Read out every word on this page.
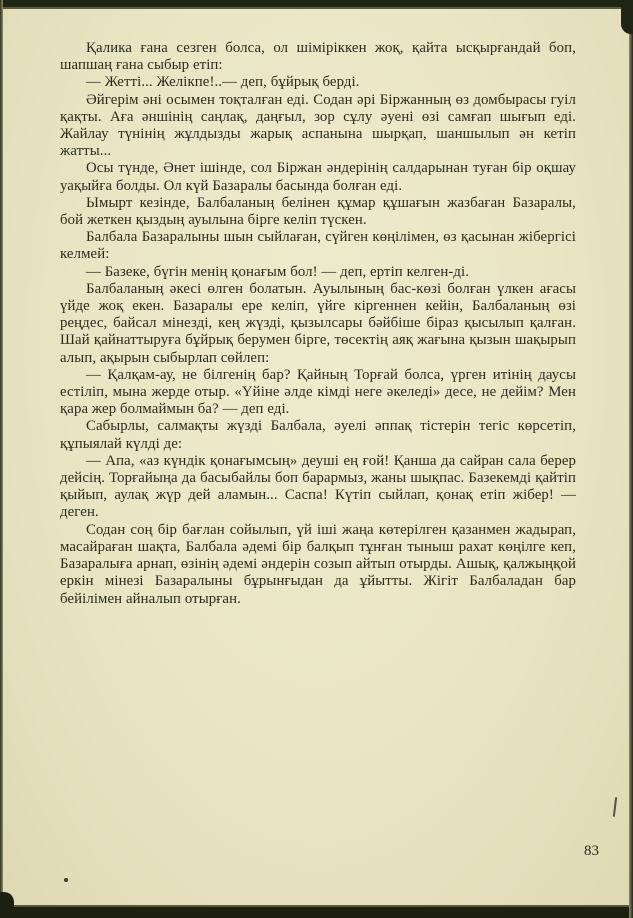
Қалика ғана сезген болса, ол шіміріккен жоқ, қайта ысқырғандай боп, шапшаң ғана сыбыр етіп:

— Жетті... Желікпе!..— деп, бұйрық берді.

Әйгерім әні осымен тоқталған еді. Содан әрі Біржанның өз домбырасы гуіл қақты. Аға әншінің саңлақ, даңғыл, зор сұлу әуені өзі самғап шығып еді. Жайлау түнінің жұлдызды жарық аспанына шырқап, шаншылып ән кетіп жатты...

Осы түнде, Әнет ішінде, сол Біржан әндерінің салдарынан туған бір оқшау уақыйға болды. Ол күй Базаралы басында болған еді.

Ымырт кезінде, Балбаланың белінен құмар құшағын жазбаған Базаралы, бой жеткен қыздың ауылына бірге келіп түскен.

Балбала Базаралыны шын сыйлаған, сүйген көңілімен, өз қасынан жібергісі келмей:

— Базеке, бүгін менің қонағым бол! — деп, ертіп келген-ді.

Балбаланың әкесі өлген болатын. Ауылының бас-көзі болған үлкен ағасы үйде жоқ екен. Базаралы ере келіп, үйге кіргеннен кейін, Балбаланың өзі реңдес, байсал мінезді, кең жүзді, қызылсары бәйбіше біраз қысылып қалған. Шай қайнаттыруға бұйрық берумен бірге, төсектің аяқ жағына қызын шақырып алып, ақырын сыбырлап сөйлеп:

— Қалқам-ау, не білгенің бар? Қайның Торғай болса, үрген итінің даусы естіліп, мына жерде отыр. «Үйіне әлде кімді неге әкеледі» десе, не дейім? Мен қара жер болмаймын ба? — деп еді.

Сабырлы, салмақты жүзді Балбала, әуелі әппақ тістерін тегіс көрсетіп, құпыялай күлді де:

— Апа, «аз күндік қонағымсың» деуші ең ғой! Қанша да сайран сала берер дейсің. Торғайыңа да басыбайлы боп барармыз, жаны шықпас. Базекемді қайтіп қыйып, аулақ жүр дей аламын... Саспа! Күтіп сыйлап, қонақ етіп жібер! — деген.

Содан соң бір бағлан сойылып, үй іші жаңа көтерілген қазанмен жадырап, масайраған шақта, Балбала әдемі бір балқып тұнған тыныш рахат көңілге кеп, Базаралыға арнап, өзінің әдемі әндерін созып айтып отырды. Ашық, қалжыңқой еркін мінезі Базаралыны бұрынғыдан да ұйытты. Жігіт Балбаладан бар бейілімен айналып отырған.

83
